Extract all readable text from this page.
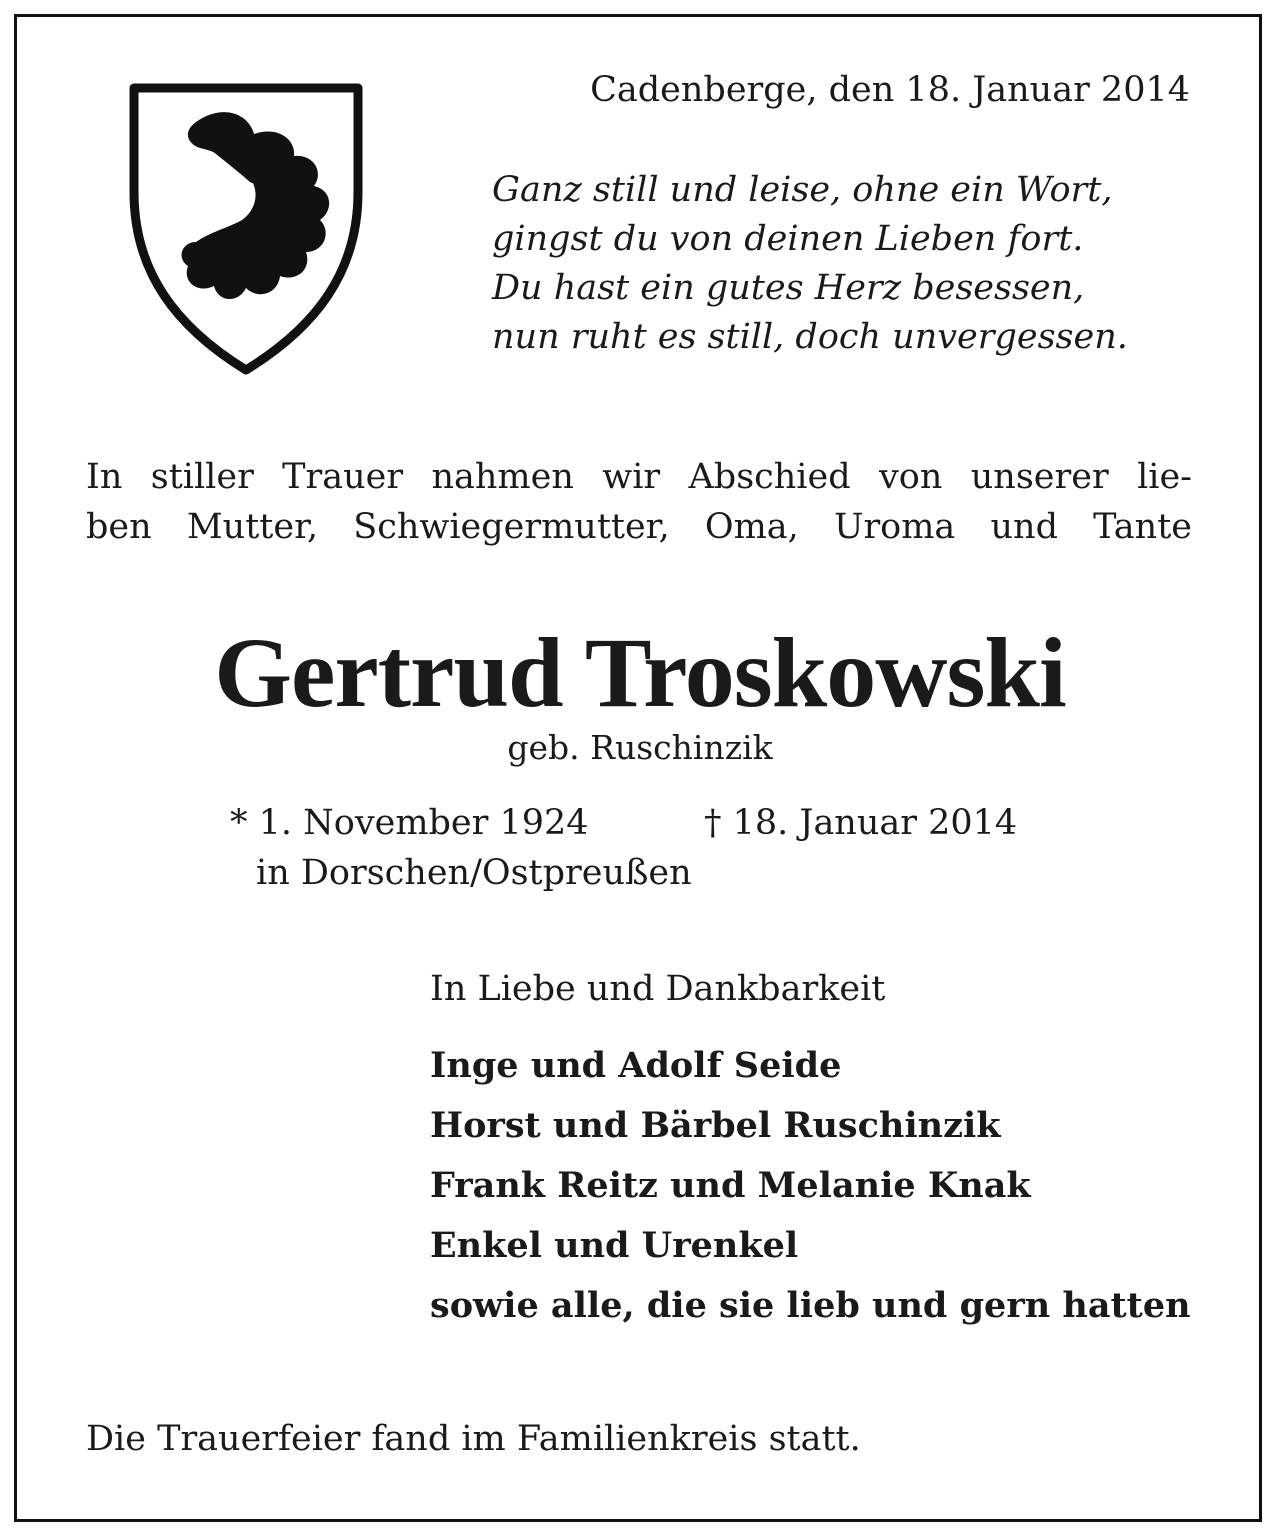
Cadenberge, den 18. Januar 2014
Ganz still und leise, ohne ein Wort,
gingst du von deinen Lieben fort.
Du hast ein gutes Herz besessen,
nun ruht es still, doch unvergessen.
In stiller Trauer nahmen wir Abschied von unserer lie-
ben Mutter, Schwiegermutter, Oma, Uroma und Tante
Gertrud Troskowski
geb. Ruschinzik
* 1. November 1924	† 18. Januar 2014
in Dorschen/Ostpreußen
In Liebe und Dankbarkeit
Inge und Adolf Seide
Horst und Bärbel Ruschinzik
Frank Reitz und Melanie Knak
Enkel und Urenkel
sowie alle, die sie lieb und gern hatten
Die Trauerfeier fand im Familienkreis statt.
